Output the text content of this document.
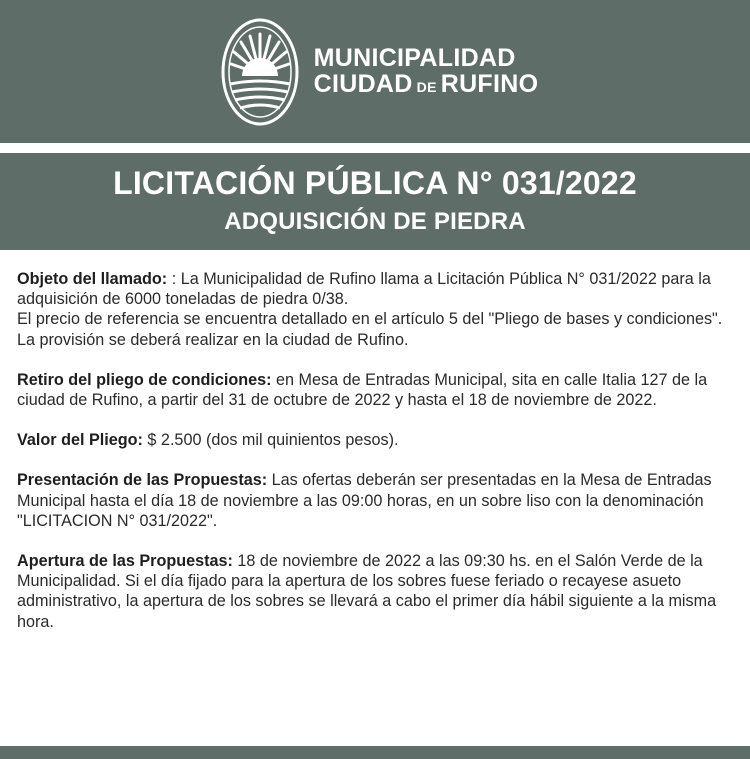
MUNICIPALIDAD
CIUDAD DE RUFINO
LICITACIÓN PÚBLICA N° 031/2022
ADQUISICIÓN DE PIEDRA

Objeto del llamado: : La Municipalidad de Rufino llama a Licitación Pública N° 031/2022 para la adquisición de 6000 toneladas de piedra 0/38.
El precio de referencia se encuentra detallado en el artículo 5 del "Pliego de bases y condiciones". La provisión se deberá realizar en la ciudad de Rufino.

Retiro del pliego de condiciones: en Mesa de Entradas Municipal, sita en calle Italia 127 de la ciudad de Rufino, a partir del 31 de octubre de 2022 y hasta el 18 de noviembre de 2022.

Valor del Pliego: $ 2.500 (dos mil quinientos pesos).

Presentación de las Propuestas: Las ofertas deberán ser presentadas en la Mesa de Entradas Municipal hasta el día 18 de noviembre a las 09:00 horas, en un sobre liso con la denominación "LICITACION N° 031/2022".

Apertura de las Propuestas: 18 de noviembre de 2022 a las 09:30 hs. en el Salón Verde de la Municipalidad. Si el día fijado para la apertura de los sobres fuese feriado o recayese asueto administrativo, la apertura de los sobres se llevará a cabo el primer día hábil siguiente a la misma hora.
